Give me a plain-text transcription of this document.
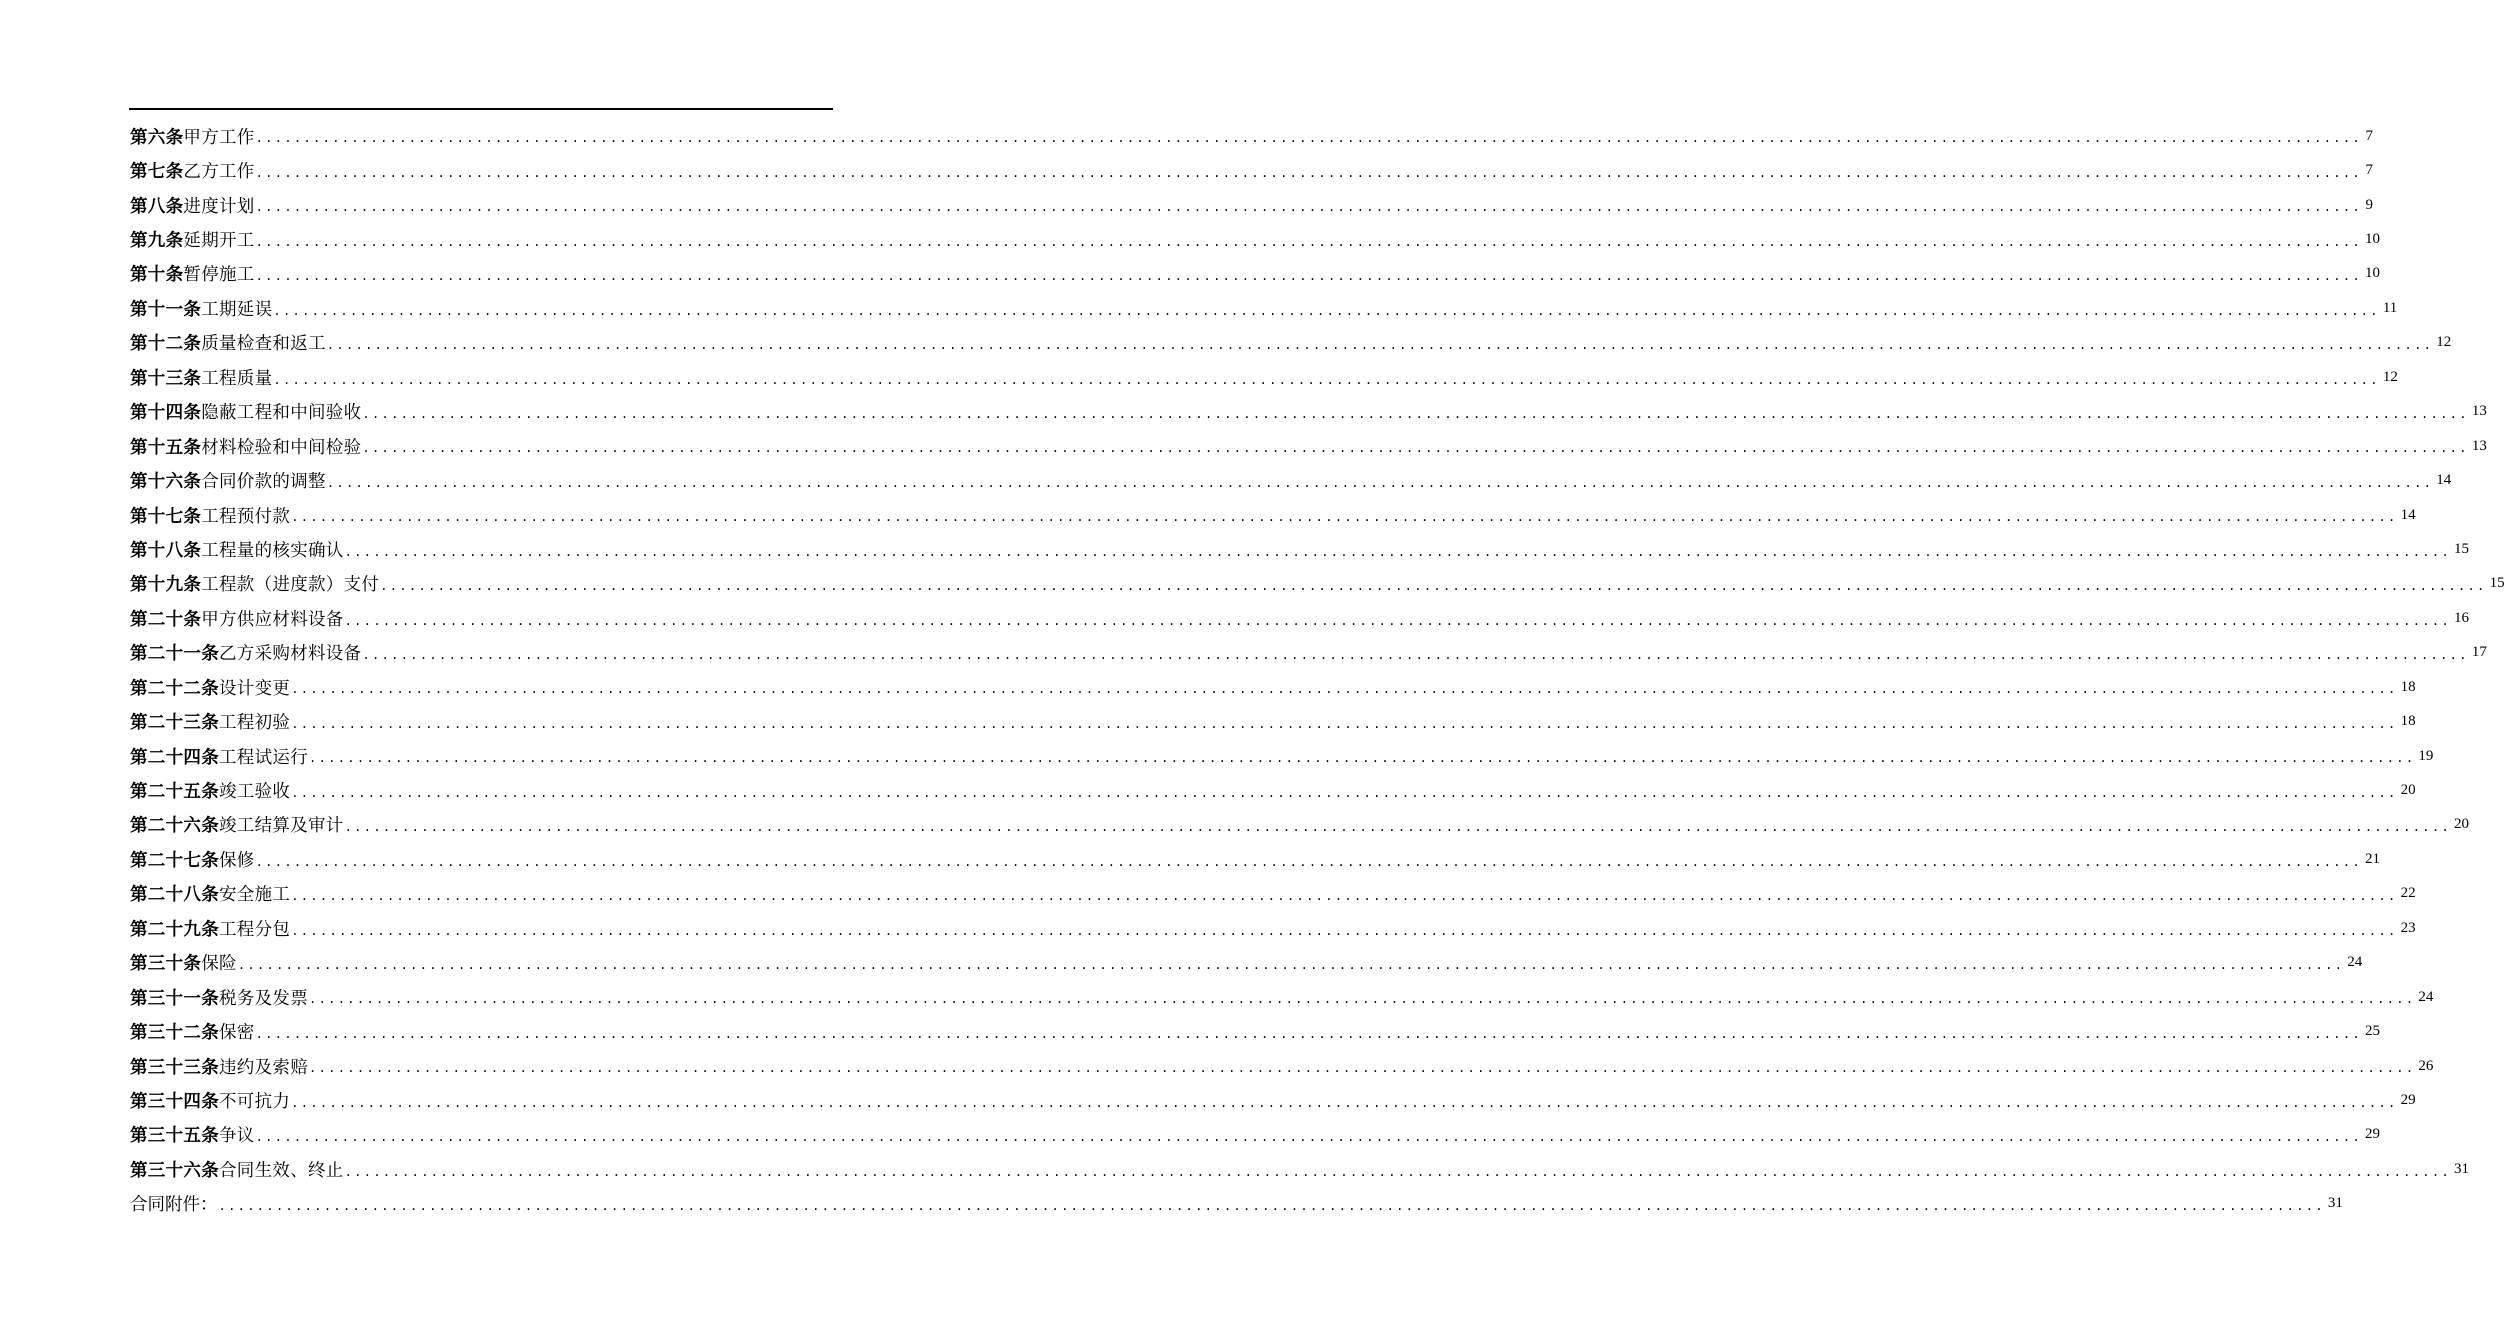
第六条 甲方工作 ............................................................................................................................................................................................................................ 7
第七条 乙方工作 ............................................................................................................................................................................................................................ 7
第八条 进度计划 ............................................................................................................................................................................................................................ 9
第九条 延期开工 ............................................................................................................................................................................................................................ 10
第十条 暂停施工 ............................................................................................................................................................................................................................ 10
第十一条 工期延误 ............................................................................................................................................................................................................................ 11
第十二条 质量检查和返工 ............................................................................................................................................................................................................................ 12
第十三条 工程质量 ............................................................................................................................................................................................................................ 12
第十四条 隐蔽工程和中间验收 ............................................................................................................................................................................................................................ 13
第十五条 材料检验和中间检验 ............................................................................................................................................................................................................................ 13
第十六条 合同价款的调整 ............................................................................................................................................................................................................................ 14
第十七条 工程预付款 ............................................................................................................................................................................................................................ 14
第十八条 工程量的核实确认 ............................................................................................................................................................................................................................ 15
第十九条 工程款（进度款）支付 ............................................................................................................................................................................................................................ 15
第二十条 甲方供应材料设备 ............................................................................................................................................................................................................................ 16
第二十一条 乙方采购材料设备 ............................................................................................................................................................................................................................ 17
第二十二条 设计变更 ............................................................................................................................................................................................................................ 18
第二十三条 工程初验 ............................................................................................................................................................................................................................ 18
第二十四条 工程试运行 ............................................................................................................................................................................................................................ 19
第二十五条 竣工验收 ............................................................................................................................................................................................................................ 20
第二十六条 竣工结算及审计 ............................................................................................................................................................................................................................ 20
第二十七条 保修 ............................................................................................................................................................................................................................ 21
第二十八条 安全施工 ............................................................................................................................................................................................................................ 22
第二十九条 工程分包 ............................................................................................................................................................................................................................ 23
第三十条 保险 ............................................................................................................................................................................................................................ 24
第三十一条 税务及发票 ............................................................................................................................................................................................................................ 24
第三十二条 保密 ............................................................................................................................................................................................................................ 25
第三十三条 违约及索赔 ............................................................................................................................................................................................................................ 26
第三十四条 不可抗力 ............................................................................................................................................................................................................................ 29
第三十五条 争议 ............................................................................................................................................................................................................................ 29
第三十六条 合同生效、终止 ............................................................................................................................................................................................................................ 31
合同附件： ............................................................................................................................................................................................................................ 31
